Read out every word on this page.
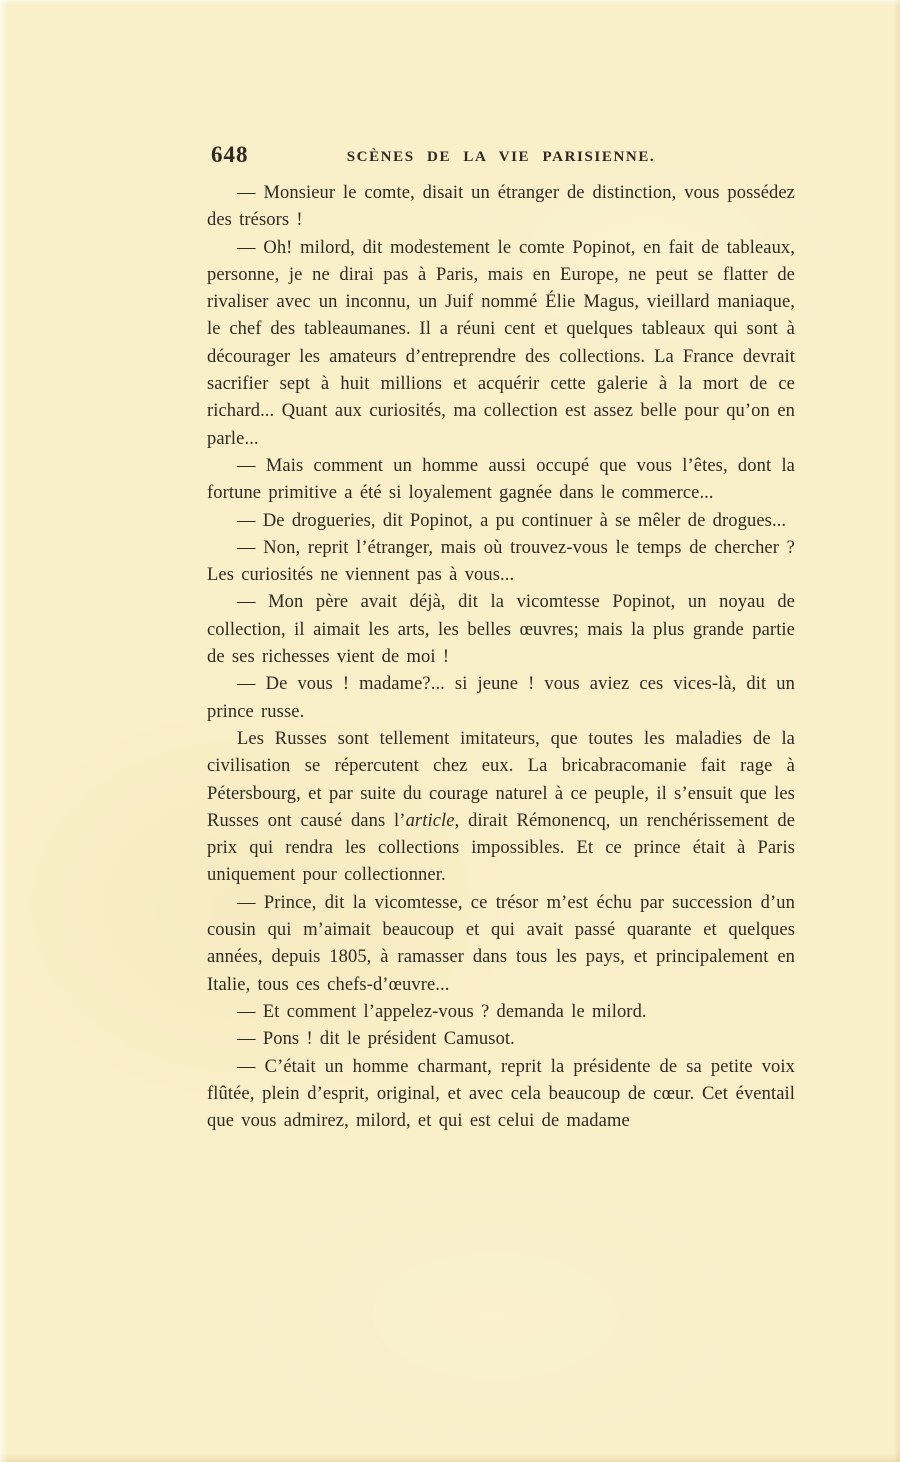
648	SCÈNES DE LA VIE PARISIENNE.

— Monsieur le comte, disait un étranger de distinction, vous possédez des trésors !

— Oh! milord, dit modestement le comte Popinot, en fait de tableaux, personne, je ne dirai pas à Paris, mais en Europe, ne peut se flatter de rivaliser avec un inconnu, un Juif nommé Élie Magus, vieillard maniaque, le chef des tableaumanes. Il a réuni cent et quelques tableaux qui sont à décourager les amateurs d’entreprendre des collections. La France devrait sacrifier sept à huit millions et acquérir cette galerie à la mort de ce richard... Quant aux curiosités, ma collection est assez belle pour qu’on en parle...

— Mais comment un homme aussi occupé que vous l’êtes, dont la fortune primitive a été si loyalement gagnée dans le commerce...

— De drogueries, dit Popinot, a pu continuer à se mêler de drogues...

— Non, reprit l’étranger, mais où trouvez-vous le temps de chercher ? Les curiosités ne viennent pas à vous...

— Mon père avait déjà, dit la vicomtesse Popinot, un noyau de collection, il aimait les arts, les belles œuvres; mais la plus grande partie de ses richesses vient de moi !

— De vous ! madame?... si jeune ! vous aviez ces vices-là, dit un prince russe.

Les Russes sont tellement imitateurs, que toutes les maladies de la civilisation se répercutent chez eux. La bricabracomanie fait rage à Pétersbourg, et par suite du courage naturel à ce peuple, il s’ensuit que les Russes ont causé dans l’article, dirait Rémonencq, un renchérissement de prix qui rendra les collections impossibles. Et ce prince était à Paris uniquement pour collectionner.

— Prince, dit la vicomtesse, ce trésor m’est échu par succession d’un cousin qui m’aimait beaucoup et qui avait passé quarante et quelques années, depuis 1805, à ramasser dans tous les pays, et principalement en Italie, tous ces chefs-d’œuvre...

— Et comment l’appelez-vous ? demanda le milord.

— Pons ! dit le président Camusot.

— C’était un homme charmant, reprit la présidente de sa petite voix flûtée, plein d’esprit, original, et avec cela beaucoup de cœur. Cet éventail que vous admirez, milord, et qui est celui de madame
